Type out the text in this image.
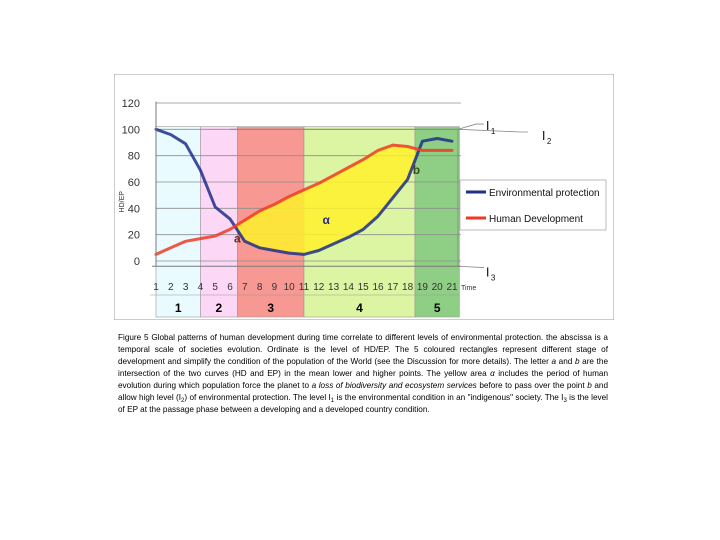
1	2	3	4	5
0
20
40
60
80
100
120
1 2 3 4 5 6 7 8 9 10 11 12 13 14 15 16 17 18 19 20 21
HD/EP
Time
Environmental protection
Human Development
I 1	I 2
I 3
a
b
α
Figure 5 Global patterns of human development during time correlate to different levels of environmental protection. the abscissa is a temporal scale of societies evolution. Ordinate is the level of HD/EP. The 5 coloured rectangles represent different stage of development and simplify the condition of the population of the World (see the Discussion for more details). The letter a and b are the intersection of the two curves (HD and EP) in the mean lower and higher points. The yellow area α includes the period of human evolution during which population force the planet to a loss of biodiversity and ecosystem services before to pass over the point b and allow high level $(I_2)$ of environmental protection. The level $I_1$ is the environmental condition in an "indigenous" society. The $I_3$ is the level of EP at the passage phase between a developing and a developed country condition.
